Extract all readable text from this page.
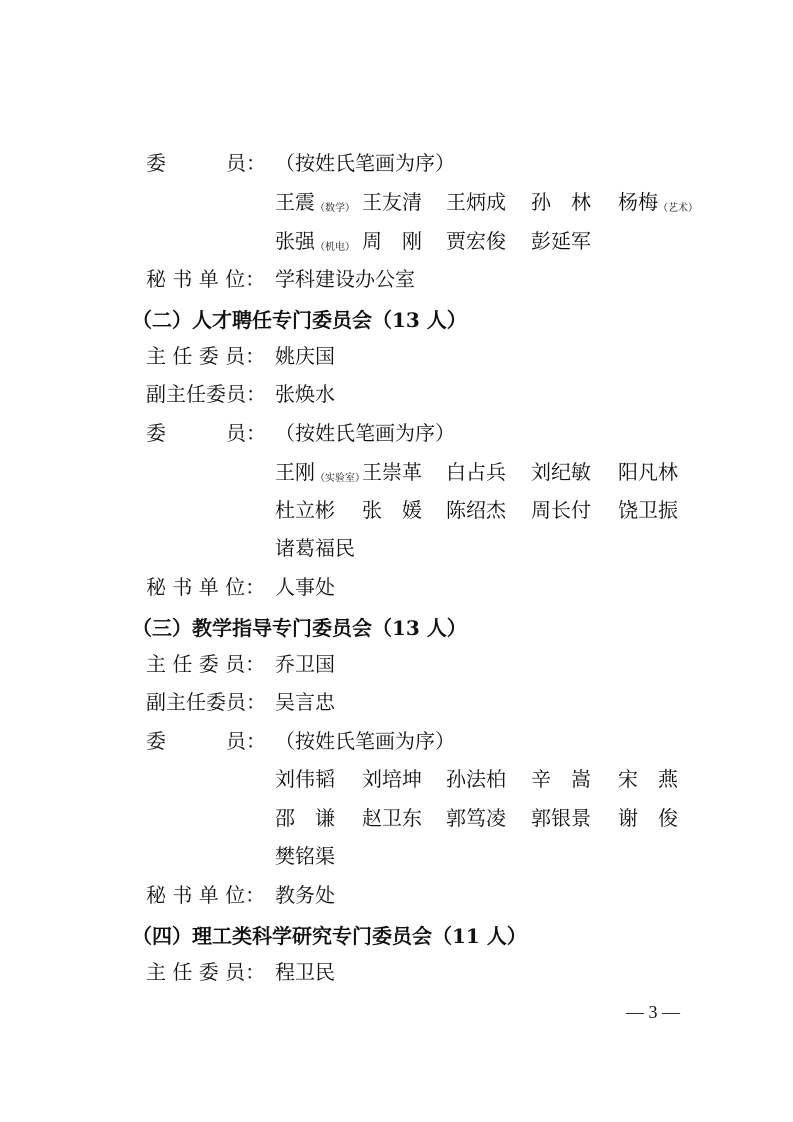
委　　　员： （按姓氏笔画为序）
王震$_{(数学)}$ 王友清 王炳成 孙　林 杨梅$_{(艺术)}$
张强$_{(机电)}$ 周　刚 贾宏俊 彭延军
秘 书 单 位： 学科建设办公室
（二）人才聘任专门委员会（13 人）
主 任 委 员： 姚庆国
副主任委员： 张焕水
委　　　员： （按姓氏笔画为序）
王刚$_{(实验室)}$
王崇革 白占兵 刘纪敏 阳凡林
杜立彬 张　媛 陈绍杰 周长付 饶卫振
诸葛福民
秘 书 单 位： 人事处
（三）教学指导专门委员会（13 人）
主 任 委 员： 乔卫国
副主任委员： 吴言忠
委　　　员： （按姓氏笔画为序）
刘伟韬 刘培坤 孙法柏 辛　嵩 宋　燕
邵　谦 赵卫东 郭笃凌 郭银景 谢　俊
樊铭渠
秘 书 单 位： 教务处
（四）理工类科学研究专门委员会（11 人）
主 任 委 员： 程卫民
— 3 —
